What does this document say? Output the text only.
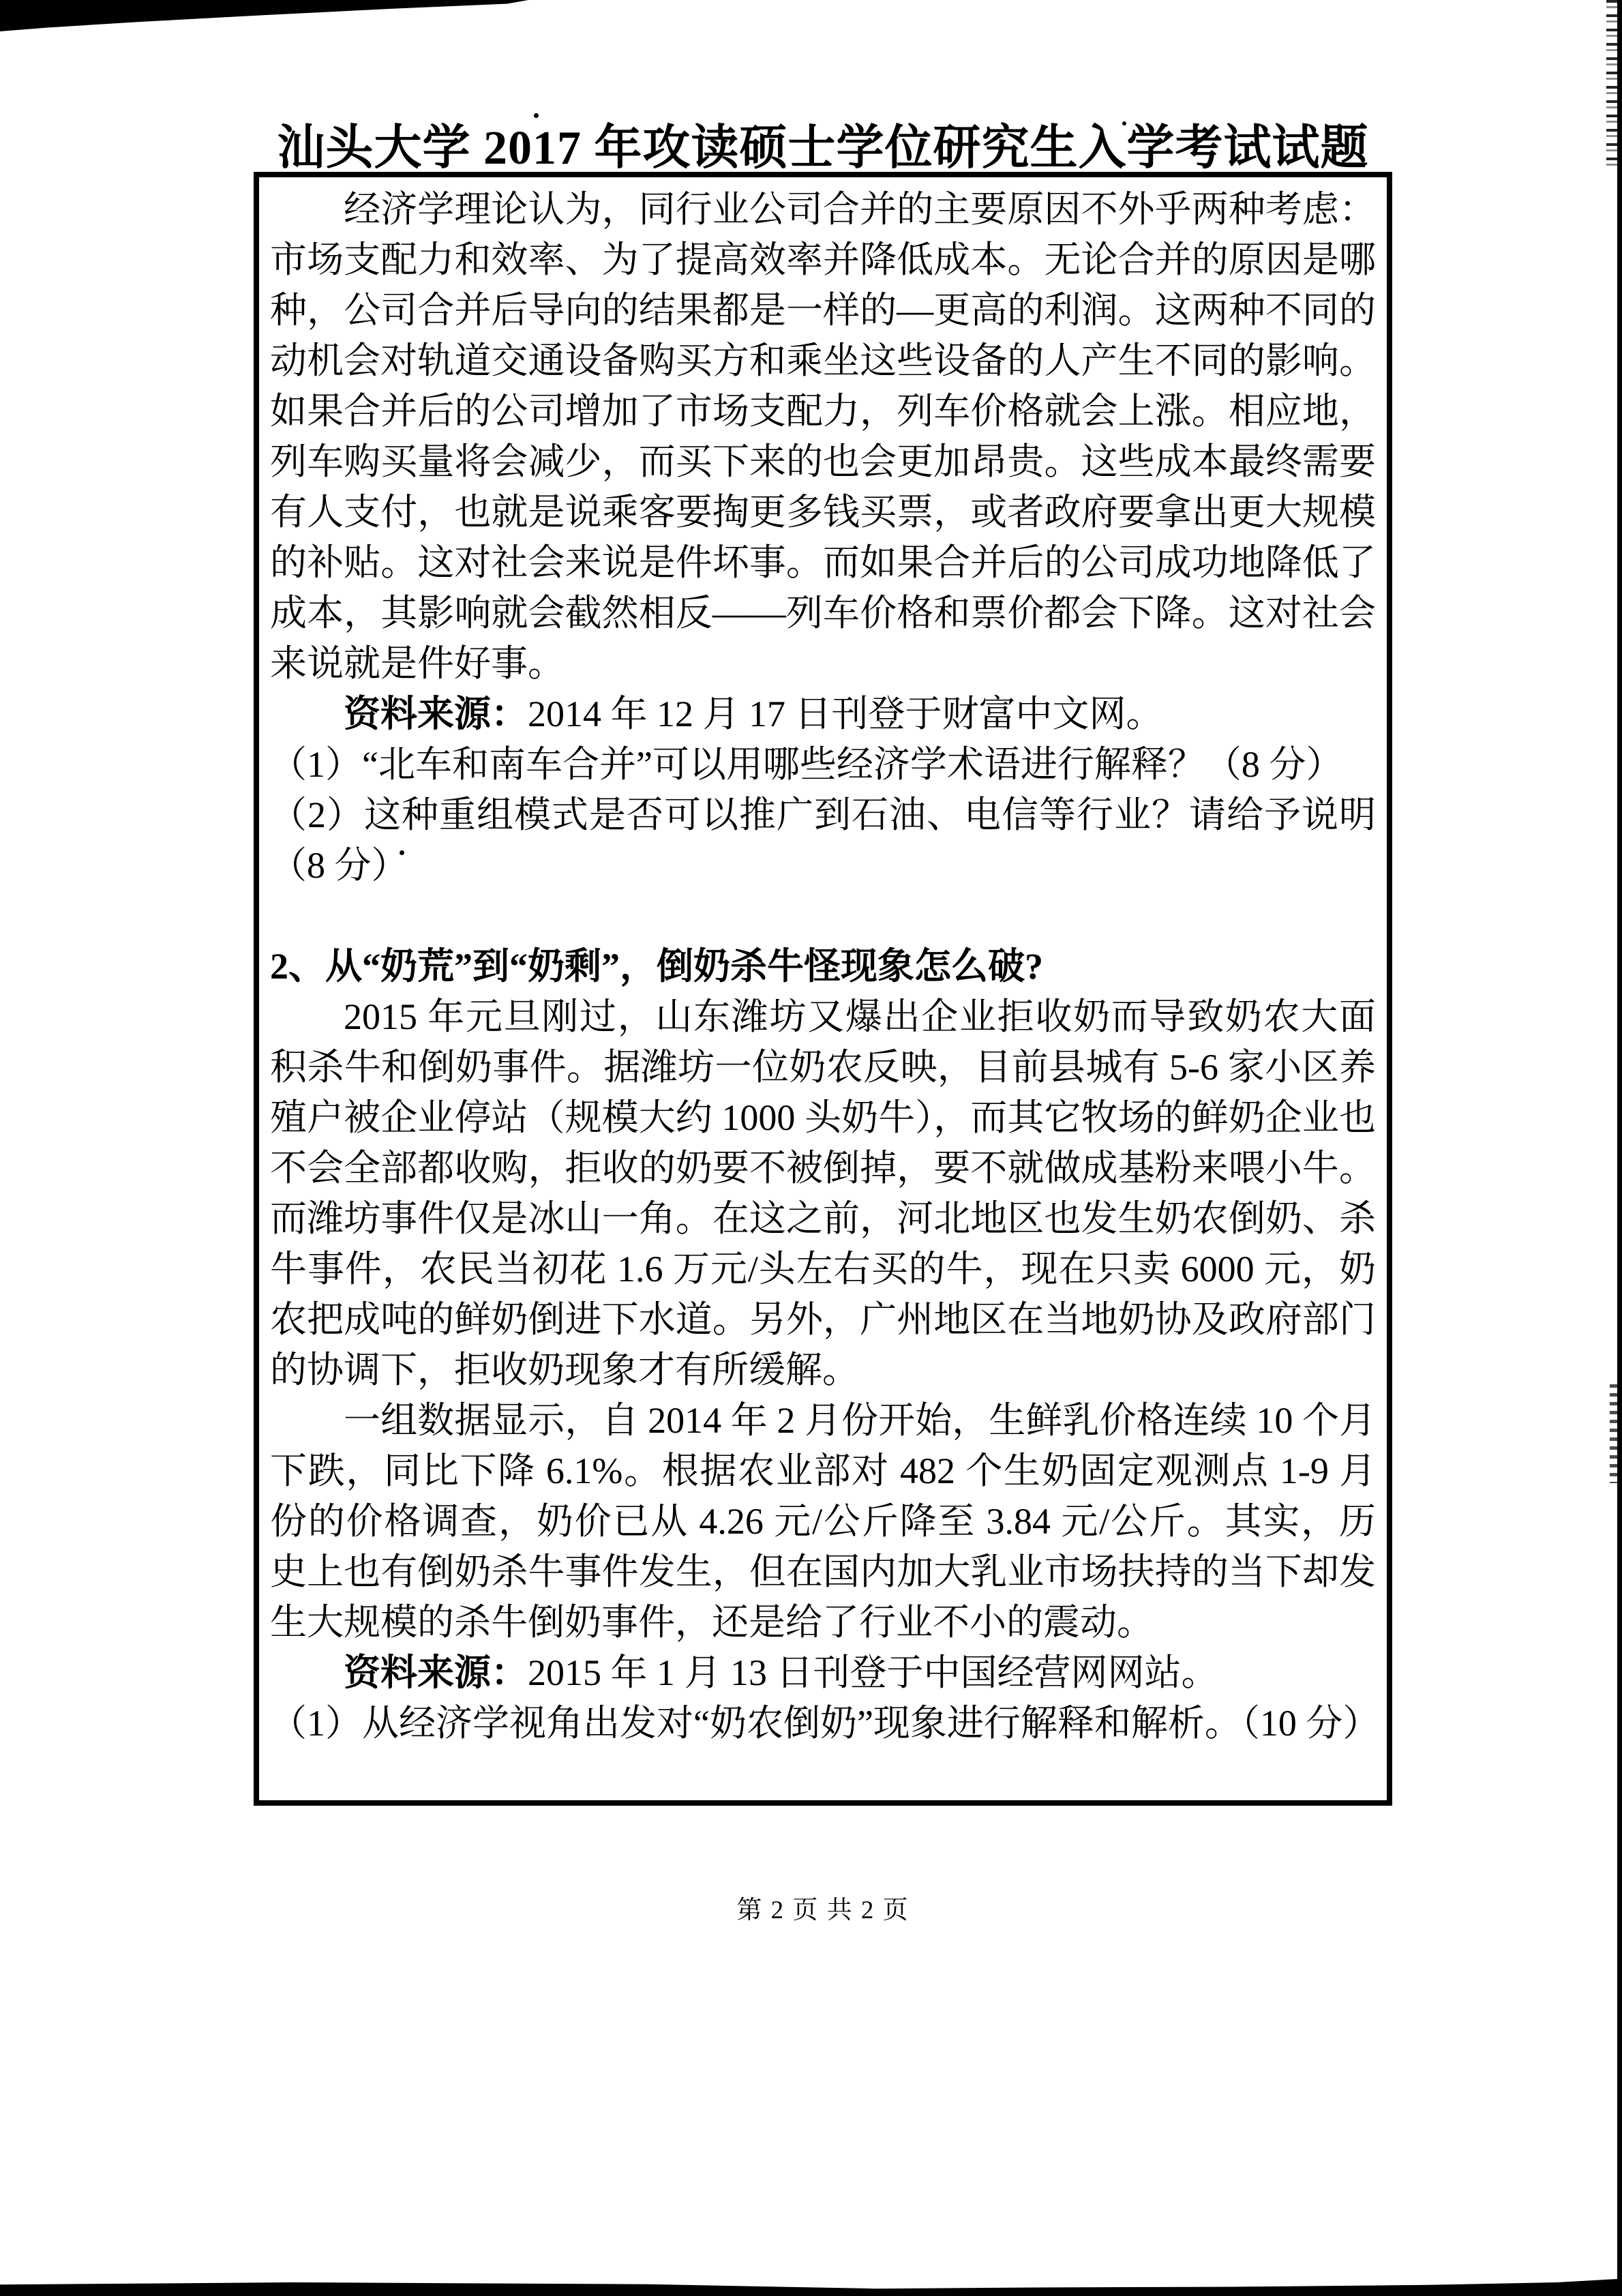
汕头大学 2017 年攻读硕士学位研究生入学考试试题

经济学理论认为，同行业公司合并的主要原因不外乎两种考虑：市场支配力和效率、为了提高效率并降低成本。无论合并的原因是哪种，公司合并后导向的结果都是一样的—更高的利润。这两种不同的动机会对轨道交通设备购买方和乘坐这些设备的人产生不同的影响。如果合并后的公司增加了市场支配力，列车价格就会上涨。相应地，列车购买量将会减少，而买下来的也会更加昂贵。这些成本最终需要有人支付，也就是说乘客要掏更多钱买票，或者政府要拿出更大规模的补贴。这对社会来说是件坏事。而如果合并后的公司成功地降低了成本，其影响就会截然相反——列车价格和票价都会下降。这对社会来说就是件好事。

资料来源：2014 年 12 月 17 日刊登于财富中文网。

（1）“北车和南车合并”可以用哪些经济学术语进行解释？（8 分）

（2）这种重组模式是否可以推广到石油、电信等行业？请给予说明（8 分）

2、从“奶荒”到“奶剩”，倒奶杀牛怪现象怎么破?

2015 年元旦刚过，山东潍坊又爆出企业拒收奶而导致奶农大面积杀牛和倒奶事件。据潍坊一位奶农反映，目前县城有 5-6 家小区养殖户被企业停站（规模大约 1000 头奶牛），而其它牧场的鲜奶企业也不会全部都收购，拒收的奶要不被倒掉，要不就做成基粉来喂小牛。而潍坊事件仅是冰山一角。在这之前，河北地区也发生奶农倒奶、杀牛事件，农民当初花 1.6 万元/头左右买的牛，现在只卖 6000 元，奶农把成吨的鲜奶倒进下水道。另外，广州地区在当地奶协及政府部门的协调下，拒收奶现象才有所缓解。

一组数据显示，自 2014 年 2 月份开始，生鲜乳价格连续 10 个月下跌，同比下降 6.1%。根据农业部对 482 个生奶固定观测点 1-9 月份的价格调查，奶价已从 4.26 元/公斤降至 3.84 元/公斤。其实，历史上也有倒奶杀牛事件发生，但在国内加大乳业市场扶持的当下却发生大规模的杀牛倒奶事件，还是给了行业不小的震动。

资料来源：2015 年 1 月 13 日刊登于中国经营网网站。

（1）从经济学视角出发对“奶农倒奶”现象进行解释和解析。（10 分）

第 2 页 共 2 页
